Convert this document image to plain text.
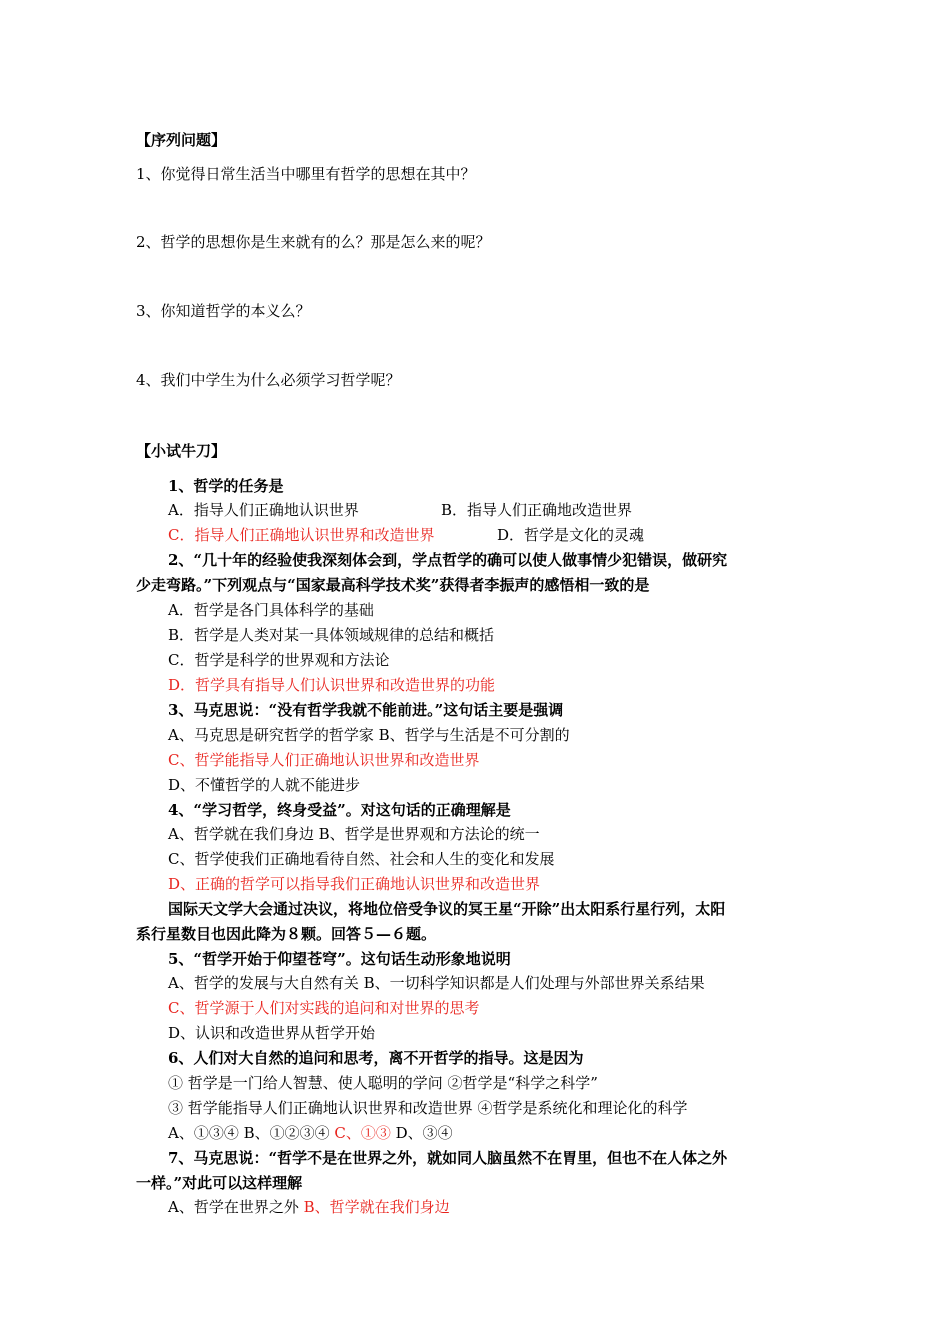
【序列问题】
1、你觉得日常生活当中哪里有哲学的思想在其中？
2、哲学的思想你是生来就有的么？那是怎么来的呢？
3、你知道哲学的本义么？
4、我们中学生为什么必须学习哲学呢？
【小试牛刀】
1、哲学的任务是
A．指导人们正确地认识世界	B．指导人们正确地改造世界
C．指导人们正确地认识世界和改造世界	D．哲学是文化的灵魂
2、“几十年的经验使我深刻体会到，学点哲学的确可以使人做事情少犯错误，做研究
少走弯路。”下列观点与“国家最高科学技术奖”获得者李振声的感悟相一致的是
A．哲学是各门具体科学的基础
B．哲学是人类对某一具体领域规律的总结和概括
C．哲学是科学的世界观和方法论
D．哲学具有指导人们认识世界和改造世界的功能
3、马克思说：“没有哲学我就不能前进。”这句话主要是强调
A、马克思是研究哲学的哲学家 B、哲学与生活是不可分割的
C、哲学能指导人们正确地认识世界和改造世界
D、不懂哲学的人就不能进步
4、“学习哲学，终身受益”。对这句话的正确理解是
A、哲学就在我们身边 B、哲学是世界观和方法论的统一
C、哲学使我们正确地看待自然、社会和人生的变化和发展
D、正确的哲学可以指导我们正确地认识世界和改造世界
国际天文学大会通过决议，将地位倍受争议的冥王星“开除”出太阳系行星行列，太阳
系行星数目也因此降为８颗。回答５—６题。
5、“哲学开始于仰望苍穹”。这句话生动形象地说明
A、哲学的发展与大自然有关 B、一切科学知识都是人们处理与外部世界关系结果
C、哲学源于人们对实践的追问和对世界的思考
D、认识和改造世界从哲学开始
6、人们对大自然的追问和思考，离不开哲学的指导。这是因为
① 哲学是一门给人智慧、使人聪明的学问 ②哲学是“科学之科学”
③ 哲学能指导人们正确地认识世界和改造世界 ④哲学是系统化和理论化的科学
A、①③④ B、①②③④ C、①③ D、③④
7、马克思说：“哲学不是在世界之外，就如同人脑虽然不在胃里，但也不在人体之外
一样。”对此可以这样理解
A、哲学在世界之外 B、哲学就在我们身边
